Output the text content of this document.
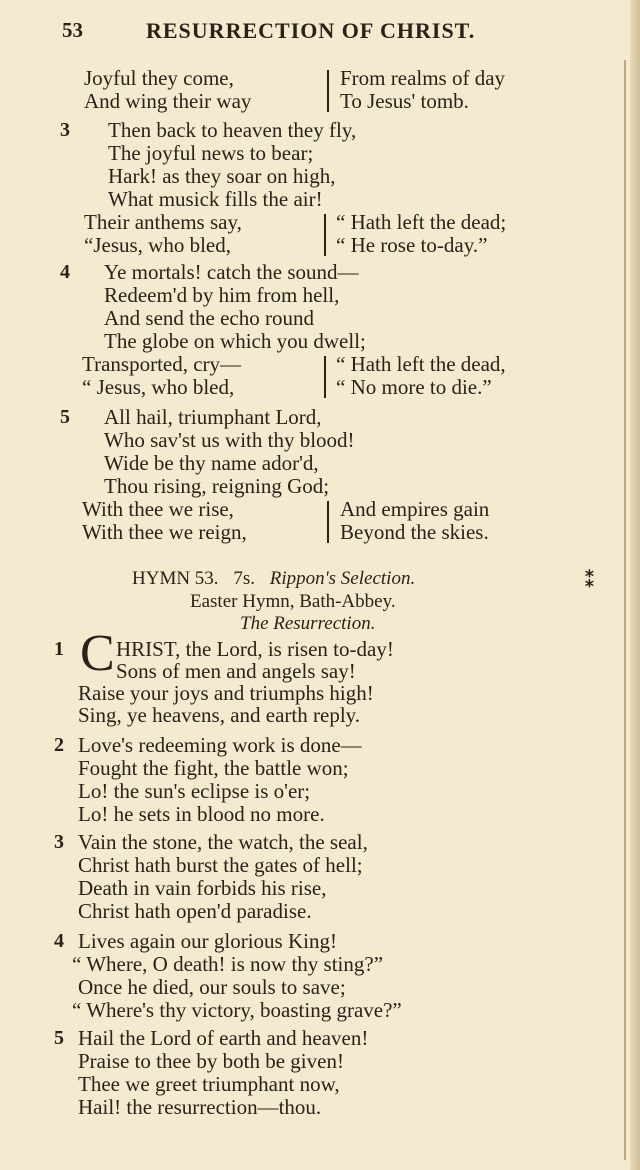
53	RESURRECTION OF CHRIST.
Joyful they come,
And wing their way
From realms of day
To Jesus' tomb.
3 Then back to heaven they fly,
The joyful news to bear;
Hark! as they soar on high,
What musick fills the air!
Their anthems say,
“Jesus, who bled,
“ Hath left the dead;
“ He rose to-day.”
4 Ye mortals! catch the sound—
Redeem'd by him from hell,
And send the echo round
The globe on which you dwell;
Transported, cry—
“ Jesus, who bled,
“ Hath left the dead,
“ No more to die.”
5 All hail, triumphant Lord,
Who sav'st us with thy blood!
Wide be thy name ador'd,
Thou rising, reigning God;
With thee we rise,
With thee we reign,
And empires gain
Beyond the skies.
HYMN 53. 7s. Rippon's Selection.	⁑
Easter Hymn, Bath-Abbey.
The Resurrection.
1 C HRIST, the Lord, is risen to-day!
Sons of men and angels say!
Raise your joys and triumphs high!
Sing, ye heavens, and earth reply.
2 Love's redeeming work is done—
Fought the fight, the battle won;
Lo! the sun's eclipse is o'er;
Lo! he sets in blood no more.
3 Vain the stone, the watch, the seal,
Christ hath burst the gates of hell;
Death in vain forbids his rise,
Christ hath open'd paradise.
4 Lives again our glorious King!
“ Where, O death! is now thy sting?”
Once he died, our souls to save;
“ Where's thy victory, boasting grave?”
5 Hail the Lord of earth and heaven!
Praise to thee by both be given!
Thee we greet triumphant now,
Hail! the resurrection—thou.
